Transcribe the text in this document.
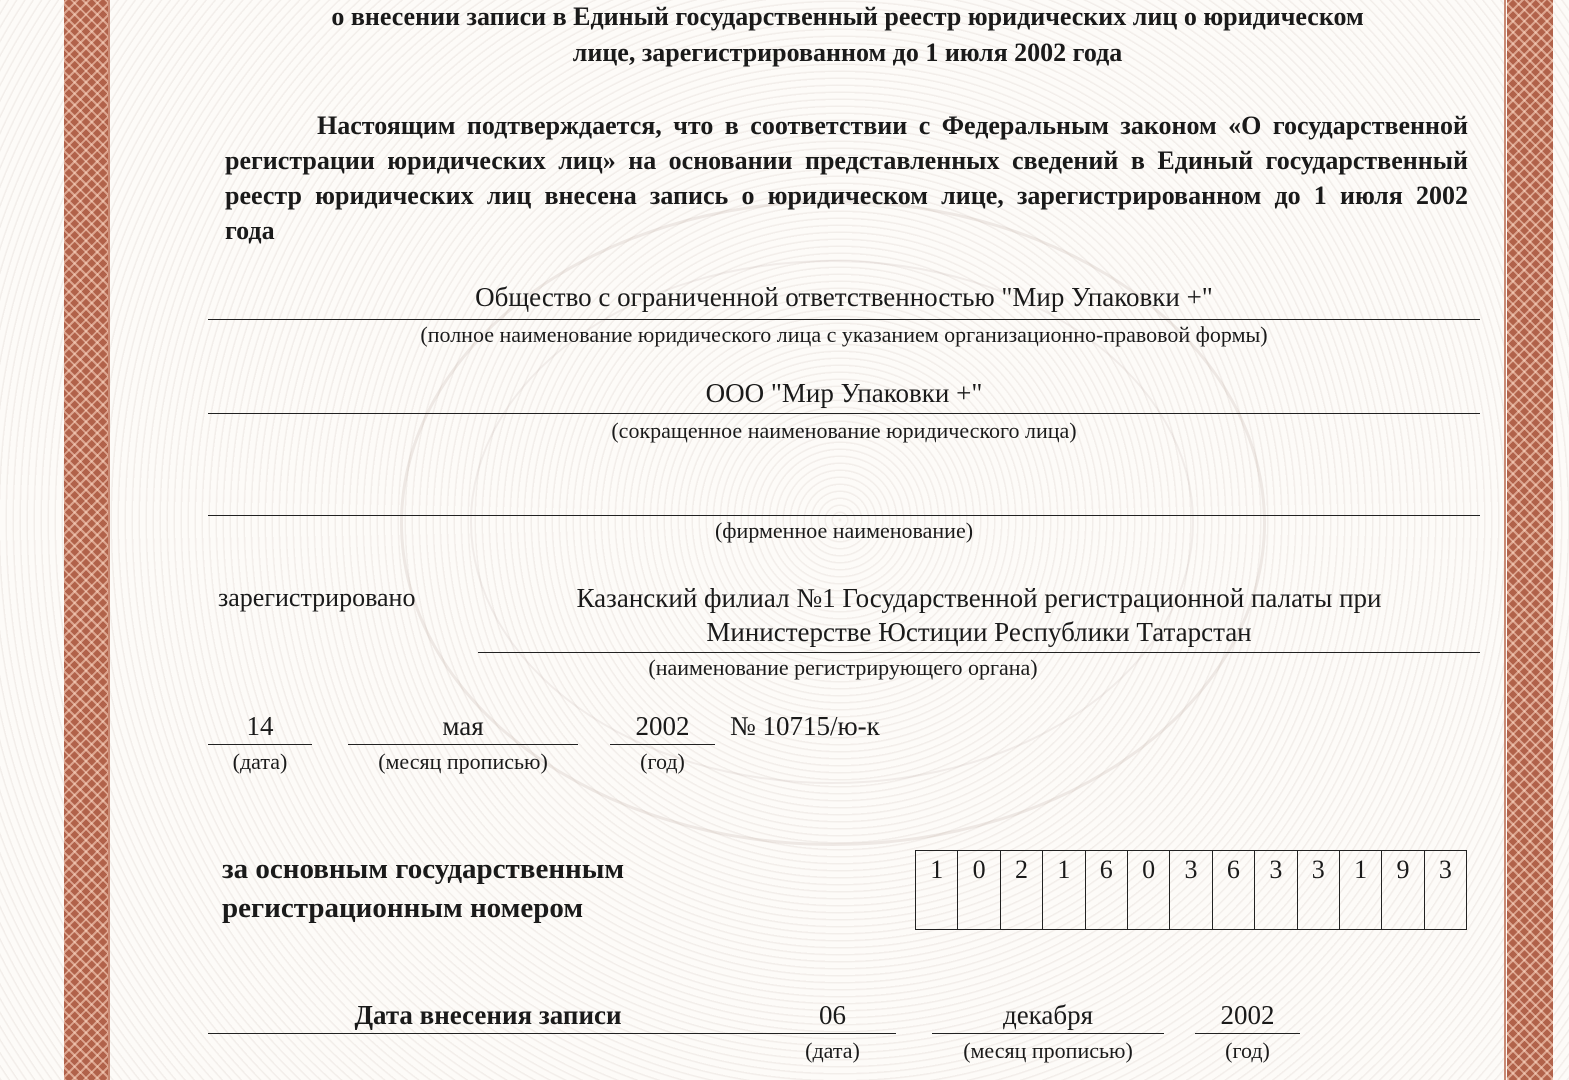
о внесении записи в Единый государственный реестр юридических лиц о юридическом
лице, зарегистрированном до 1 июля 2002 года
Настоящим подтверждается, что в соответствии с Федеральным законом «О государственной регистрации юридических лиц» на основании представленных сведений в Единый государственный реестр юридических лиц внесена запись о юридическом лице, зарегистрированном до 1 июля 2002 года
Общество с ограниченной ответственностью "Мир Упаковки +"
(полное наименование юридического лица с указанием организационно-правовой формы)
ООО "Мир Упаковки +"
(сокращенное наименование юридического лица)
(фирменное наименование)
зарегистрировано	Казанский филиал №1 Государственной регистрационной палаты при
Министерстве Юстиции Республики Татарстан
(наименование регистрирующего органа)
14
(дата)
мая
(месяц прописью)
2002
(год)
№ 10715/ю-к
за основным государственным
регистрационным номером
1	0	2	1	6	0	3	6	3	3	1	9	3
Дата внесения записи	06
(дата)
декабря
(месяц прописью)
2002
(год)
